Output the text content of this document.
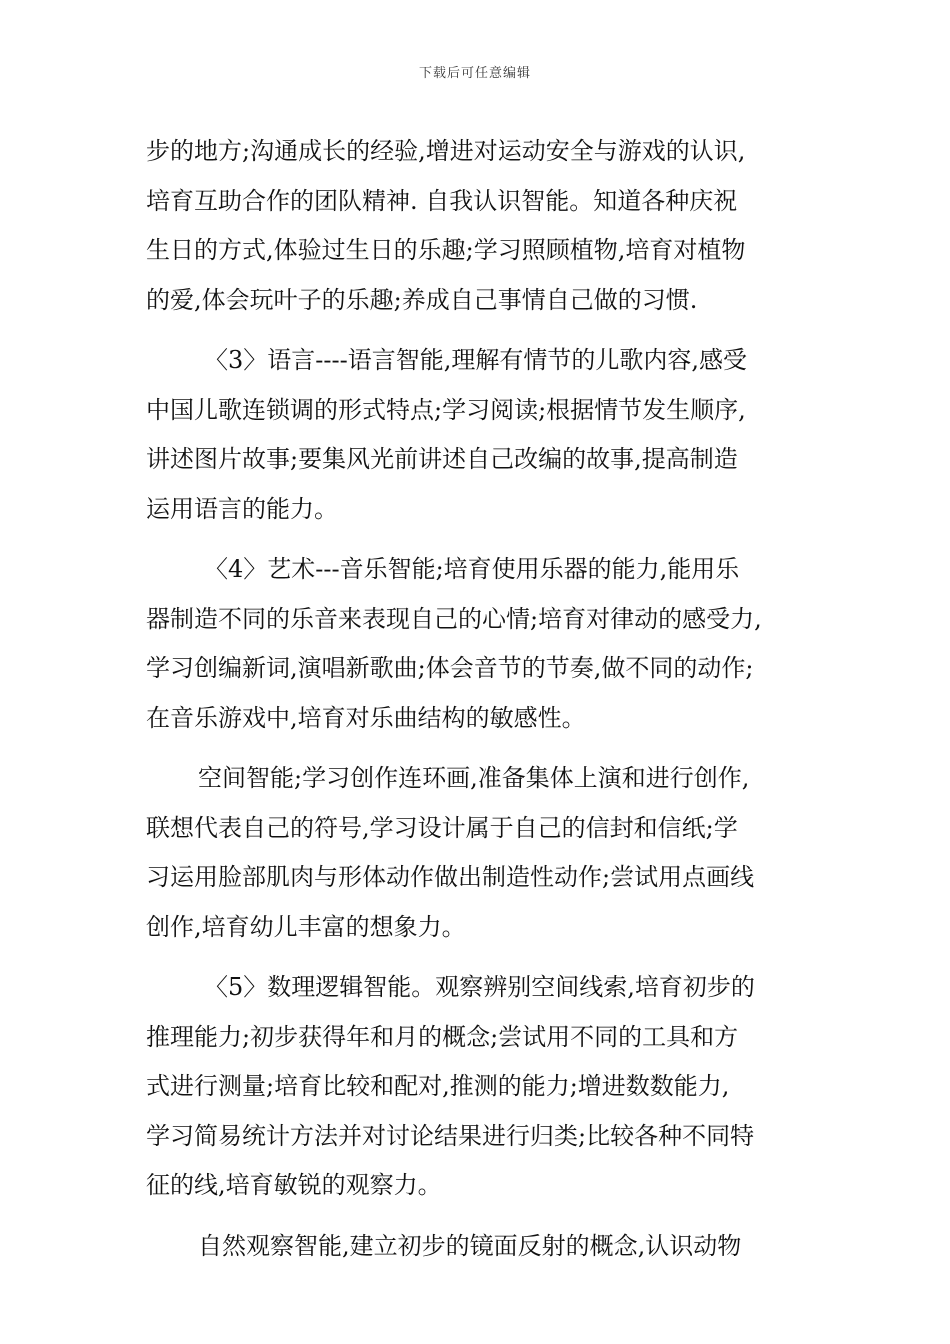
下载后可任意编辑

步的地方;沟通成长的经验,增进对运动安全与游戏的认识,
培育互助合作的团队精神. 自我认识智能。知道各种庆祝
生日的方式,体验过生日的乐趣;学习照顾植物,培育对植物
的爱,体会玩叶子的乐趣;养成自己事情自己做的习惯.

〈3〉语言----语言智能,理解有情节的儿歌内容,感受
中国儿歌连锁调的形式特点;学习阅读;根据情节发生顺序,
讲述图片故事;要集风光前讲述自己改编的故事,提高制造
运用语言的能力。

〈4〉艺术---音乐智能;培育使用乐器的能力,能用乐
器制造不同的乐音来表现自己的心情;培育对律动的感受力,
学习创编新词,演唱新歌曲;体会音节的节奏,做不同的动作;
在音乐游戏中,培育对乐曲结构的敏感性。

空间智能;学习创作连环画,准备集体上演和进行创作,
联想代表自己的符号,学习设计属于自己的信封和信纸;学
习运用脸部肌肉与形体动作做出制造性动作;尝试用点画线
创作,培育幼儿丰富的想象力。

〈5〉数理逻辑智能。观察辨别空间线索,培育初步的
推理能力;初步获得年和月的概念;尝试用不同的工具和方
式进行测量;培育比较和配对,推测的能力;增进数数能力,
学习简易统计方法并对讨论结果进行归类;比较各种不同特
征的线,培育敏锐的观察力。

自然观察智能,建立初步的镜面反射的概念,认识动物
